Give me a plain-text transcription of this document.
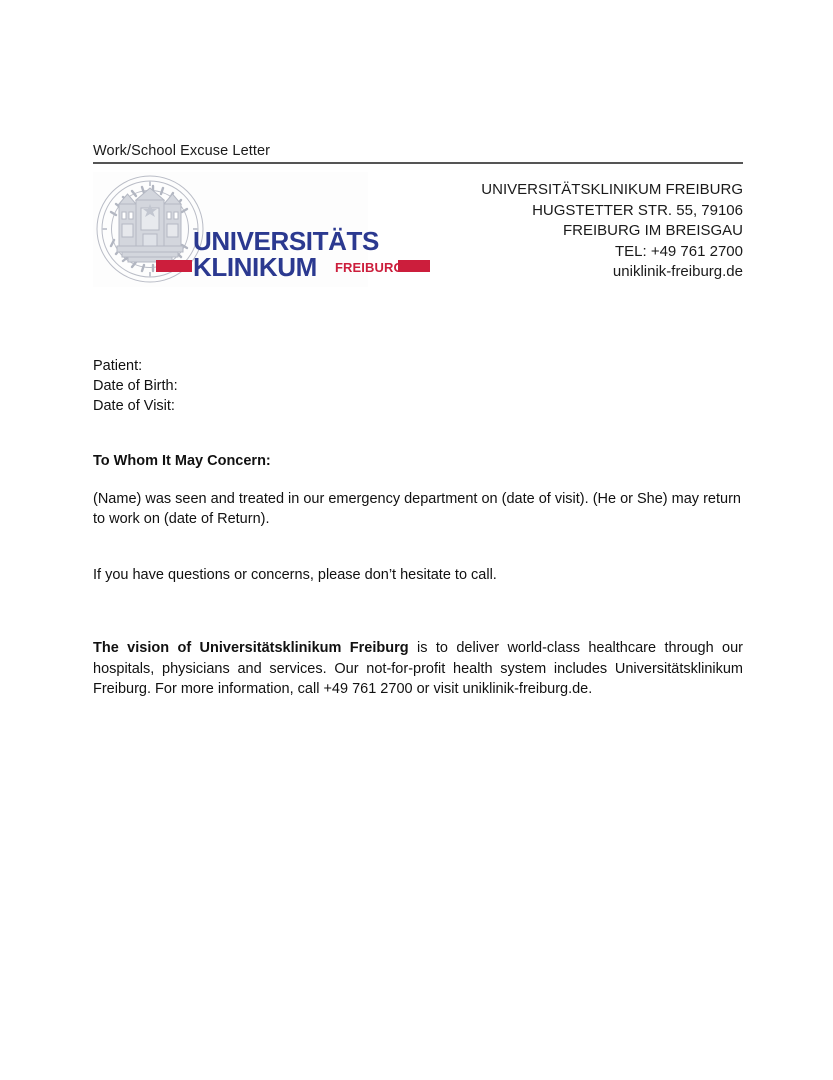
Work/School Excuse Letter
UNIVERSITÄTS
KLINIKUM FREIBURG
UNIVERSITÄTSKLINIKUM FREIBURG
HUGSTETTER STR. 55, 79106
FREIBURG IM BREISGAU
TEL: +49 761 2700
uniklinik-freiburg.de
Patient:
Date of Birth:
Date of Visit:
To Whom It May Concern:
(Name) was seen and treated in our emergency department on (date of visit). (He or She) may return to work on (date of Return).
If you have questions or concerns, please don’t hesitate to call.
The vision of Universitätsklinikum Freiburg is to deliver world-class healthcare through our hospitals, physicians and services. Our not-for-profit health system includes Universitätsklinikum Freiburg. For more information, call +49 761 2700 or visit uniklinik-freiburg.de.
